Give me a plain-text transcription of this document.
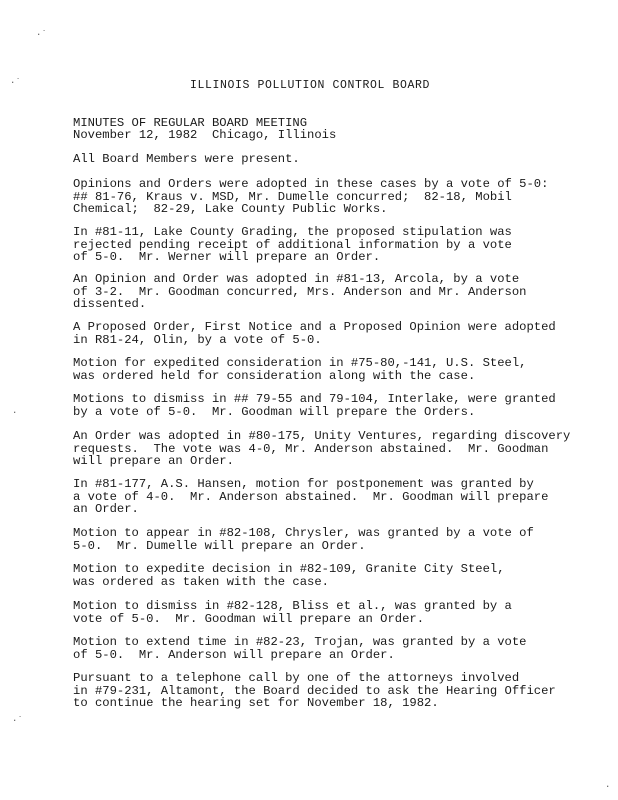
·˙
·˙
·
·˙
·
ILLINOIS POLLUTION CONTROL BOARD
MINUTES OF REGULAR BOARD MEETING
November 12, 1982  Chicago, Illinois
All Board Members were present.
Opinions and Orders were adopted in these cases by a vote of 5-0:
## 81-76, Kraus v. MSD, Mr. Dumelle concurred;  82-18, Mobil
Chemical;  82-29, Lake County Public Works.
In #81-11, Lake County Grading, the proposed stipulation was
rejected pending receipt of additional information by a vote
of 5-0.  Mr. Werner will prepare an Order.
An Opinion and Order was adopted in #81-13, Arcola, by a vote
of 3-2.  Mr. Goodman concurred, Mrs. Anderson and Mr. Anderson
dissented.
A Proposed Order, First Notice and a Proposed Opinion were adopted
in R81-24, Olin, by a vote of 5-0.
Motion for expedited consideration in #75-80,-141, U.S. Steel,
was ordered held for consideration along with the case.
Motions to dismiss in ## 79-55 and 79-104, Interlake, were granted
by a vote of 5-0.  Mr. Goodman will prepare the Orders.
An Order was adopted in #80-175, Unity Ventures, regarding discovery
requests.  The vote was 4-0, Mr. Anderson abstained.  Mr. Goodman
will prepare an Order.
In #81-177, A.S. Hansen, motion for postponement was granted by
a vote of 4-0.  Mr. Anderson abstained.  Mr. Goodman will prepare
an Order.
Motion to appear in #82-108, Chrysler, was granted by a vote of
5-0.  Mr. Dumelle will prepare an Order.
Motion to expedite decision in #82-109, Granite City Steel,
was ordered as taken with the case.
Motion to dismiss in #82-128, Bliss et al., was granted by a
vote of 5-0.  Mr. Goodman will prepare an Order.
Motion to extend time in #82-23, Trojan, was granted by a vote
of 5-0.  Mr. Anderson will prepare an Order.
Pursuant to a telephone call by one of the attorneys involved
in #79-231, Altamont, the Board decided to ask the Hearing Officer
to continue the hearing set for November 18, 1982.
